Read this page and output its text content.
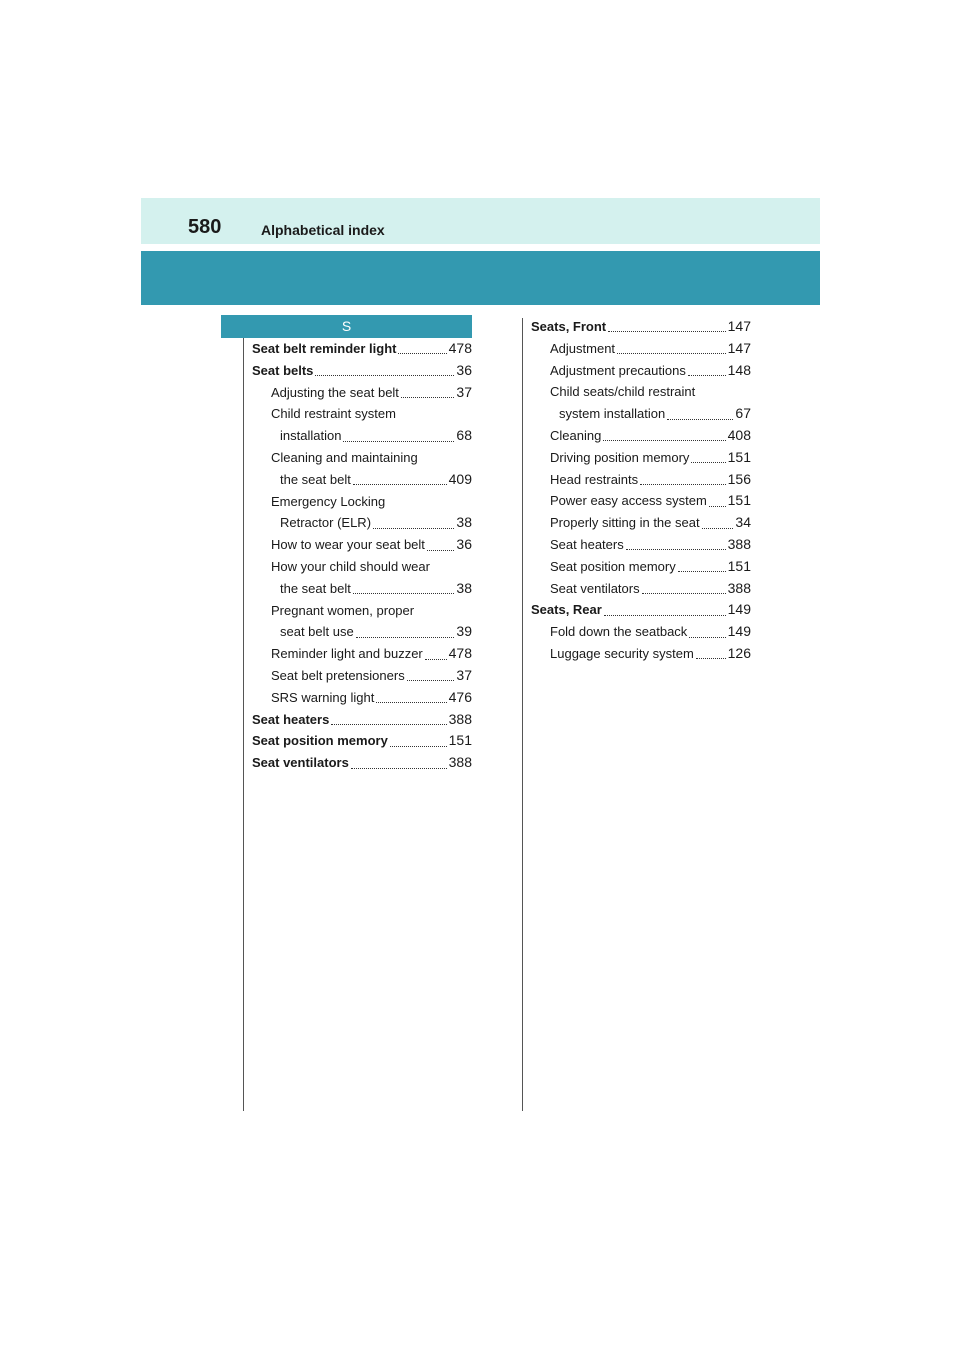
580	Alphabetical index
S
Seat belt reminder light	478
Seat belts	36
Adjusting the seat belt	37
Child restraint system
installation	68
Cleaning and maintaining
the seat belt	409
Emergency Locking
Retractor (ELR)	38
How to wear your seat belt 36
How your child should wear
the seat belt	38
Pregnant women, proper
seat belt use	39
Reminder light and buzzer 478
Seat belt pretensioners	37
SRS warning light	476
Seat heaters	388
Seat position memory	151
Seat ventilators	388
Seats, Front	147
Adjustment	147
Adjustment precautions	148
Child seats/child restraint
system installation	67
Cleaning	408
Driving position memory	151
Head restraints	156
Power easy access system 151
Properly sitting in the seat	34
Seat heaters	388
Seat position memory	151
Seat ventilators	388
Seats, Rear	149
Fold down the seatback	149
Luggage security system 126
